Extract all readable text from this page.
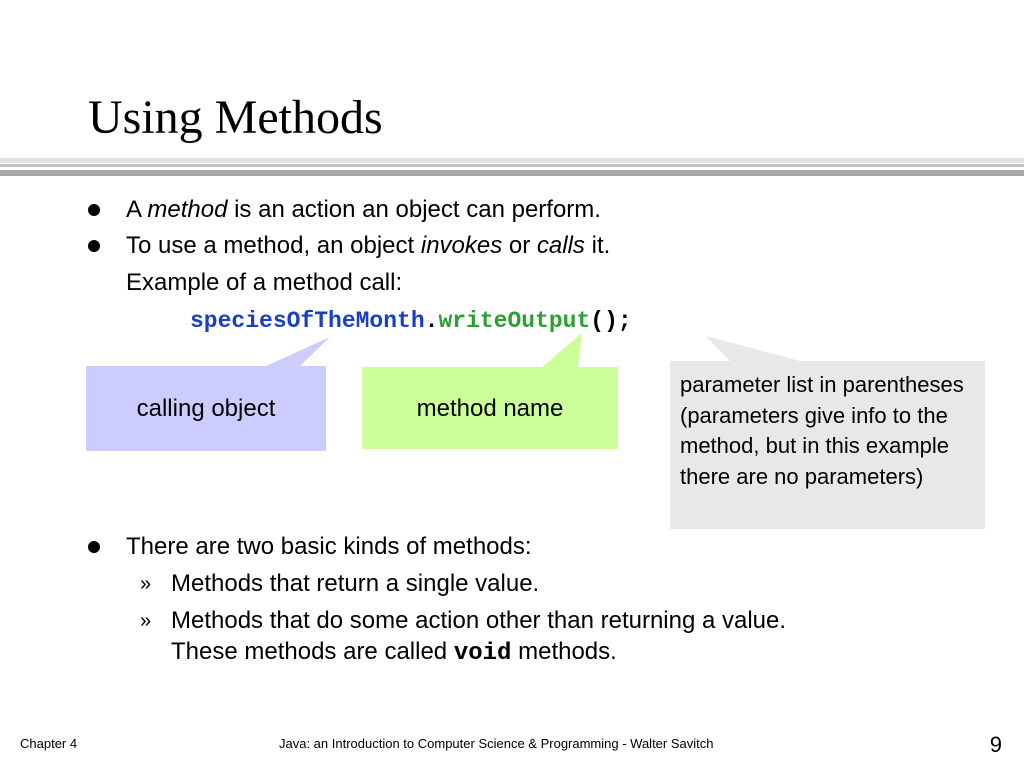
Using Methods
A method is an action an object can perform.
To use a method, an object invokes or calls it.
Example of a method call:
speciesOfTheMonth.writeOutput();
calling object	method name
parameter list in parentheses (parameters give info to the method, but in this example there are no parameters)
There are two basic kinds of methods:
» Methods that return a single value.
» Methods that do some action other than returning a value.
These methods are called void methods.
Chapter 4	Java: an Introduction to Computer Science & Programming - Walter Savitch	9
